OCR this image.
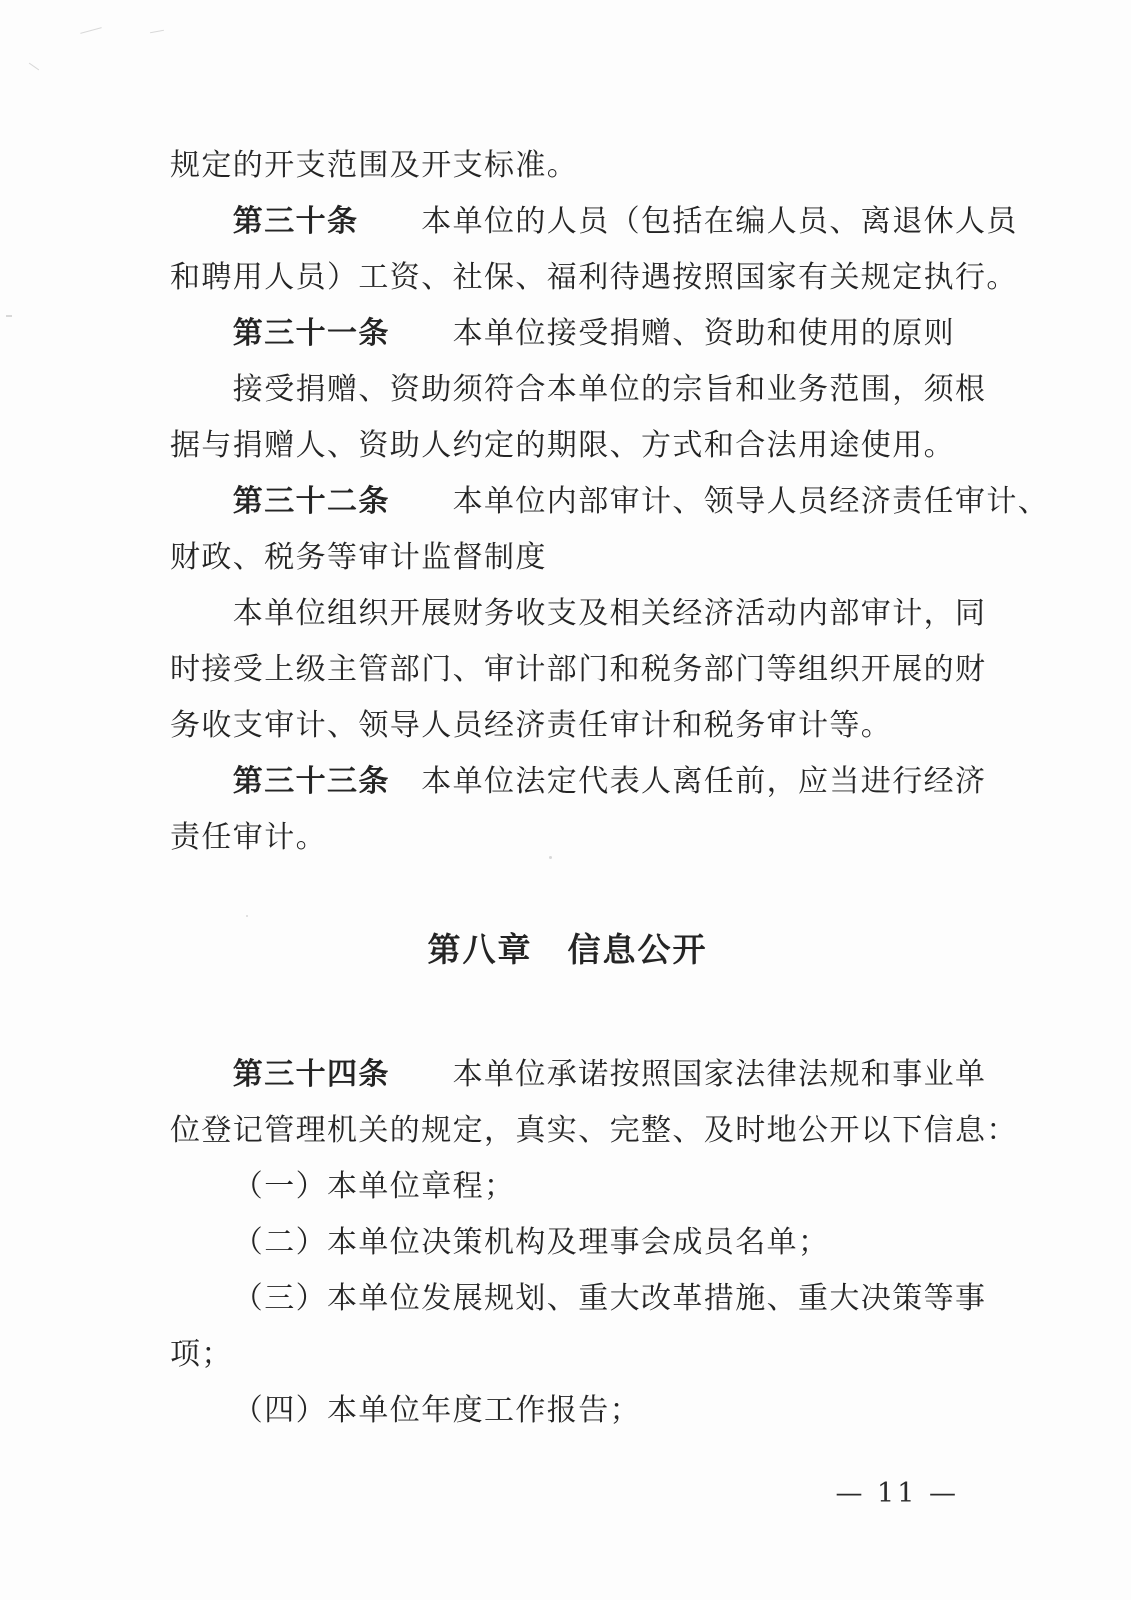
规定的开支范围及开支标准。
第三十条　　本单位的人员（包括在编人员、离退休人员
和聘用人员）工资、社保、福利待遇按照国家有关规定执行。
第三十一条　　本单位接受捐赠、资助和使用的原则
接受捐赠、资助须符合本单位的宗旨和业务范围，须根
据与捐赠人、资助人约定的期限、方式和合法用途使用。
第三十二条　　本单位内部审计、领导人员经济责任审计、
财政、税务等审计监督制度
本单位组织开展财务收支及相关经济活动内部审计，同
时接受上级主管部门、审计部门和税务部门等组织开展的财
务收支审计、领导人员经济责任审计和税务审计等。
第三十三条　本单位法定代表人离任前，应当进行经济
责任审计。
第八章　信息公开
第三十四条　　本单位承诺按照国家法律法规和事业单
位登记管理机关的规定，真实、完整、及时地公开以下信息：
（一）本单位章程；
（二）本单位决策机构及理事会成员名单；
（三）本单位发展规划、重大改革措施、重大决策等事
项；
（四）本单位年度工作报告；
— 11 —
